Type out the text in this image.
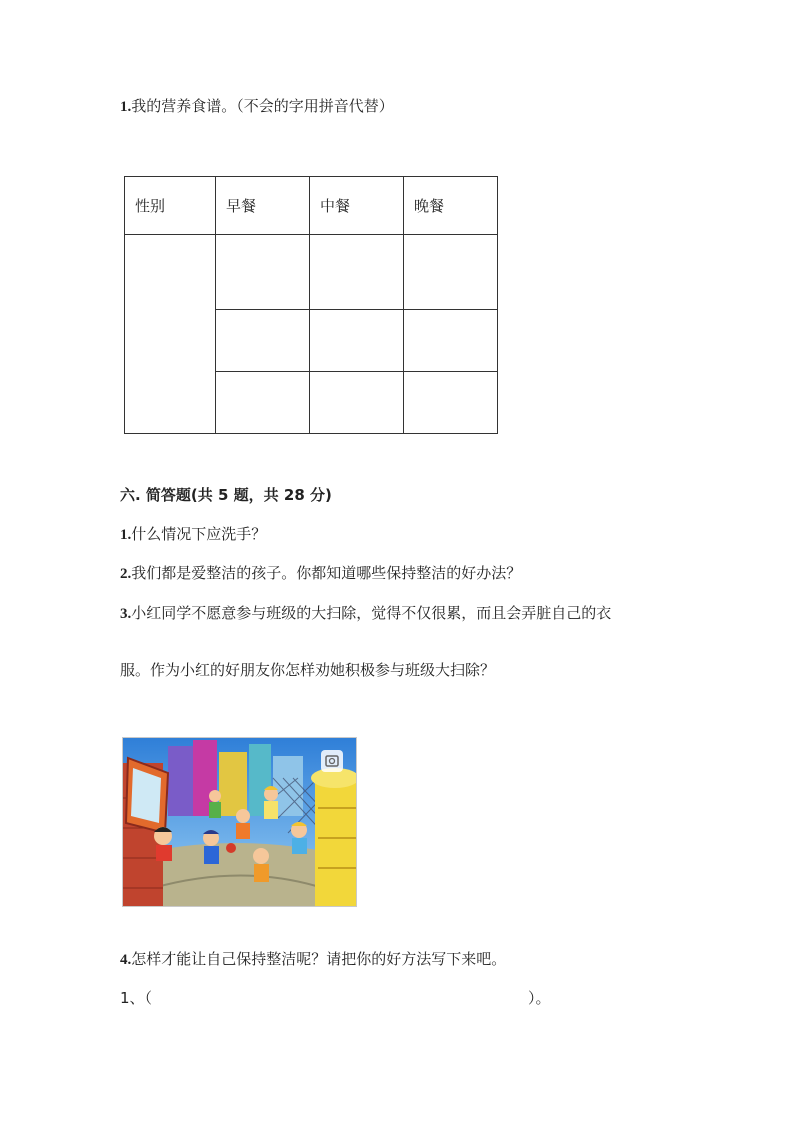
1.我的营养食谱。（不会的字用拼音代替）
性别	早餐	中餐	晚餐

六. 简答题(共 5 题，共 28 分)
1.什么情况下应洗手？
2.我们都是爱整洁的孩子。你都知道哪些保持整洁的好办法？
3.小红同学不愿意参与班级的大扫除，觉得不仅很累，而且会弄脏自己的衣
服。作为小红的好朋友你怎样劝她积极参与班级大扫除？
4.怎样才能让自己保持整洁呢？请把你的好方法写下来吧。
1、（	）。
